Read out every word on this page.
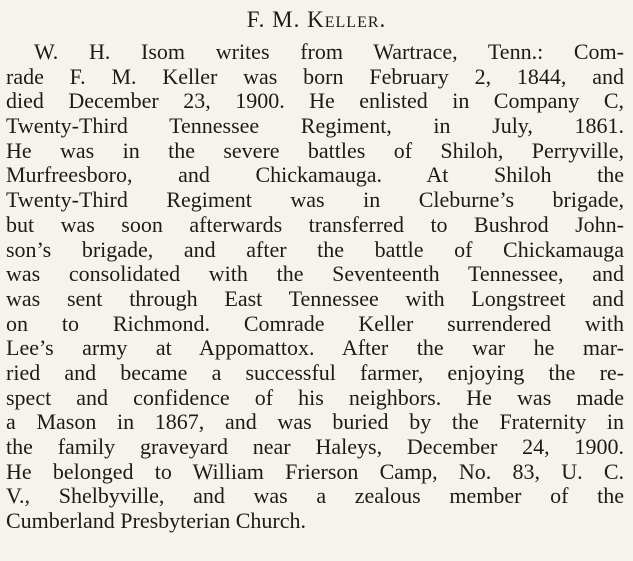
F. M. Keller.
W. H. Isom writes from Wartrace, Tenn.: Com-
rade F. M. Keller was born February 2, 1844, and
died December 23, 1900. He enlisted in Company C,
Twenty-Third Tennessee Regiment, in July, 1861.
He was in the severe battles of Shiloh, Perryville,
Murfreesboro, and Chickamauga. At Shiloh the
Twenty-Third Regiment was in Cleburne’s brigade,
but was soon afterwards transferred to Bushrod John-
son’s brigade, and after the battle of Chickamauga
was consolidated with the Seventeenth Tennessee, and
was sent through East Tennessee with Longstreet and
on to Richmond. Comrade Keller surrendered with
Lee’s army at Appomattox. After the war he mar-
ried and became a successful farmer, enjoying the re-
spect and confidence of his neighbors. He was made
a Mason in 1867, and was buried by the Fraternity in
the family graveyard near Haleys, December 24, 1900.
He belonged to William Frierson Camp, No. 83, U. C.
V., Shelbyville, and was a zealous member of the
Cumberland Presbyterian Church.
